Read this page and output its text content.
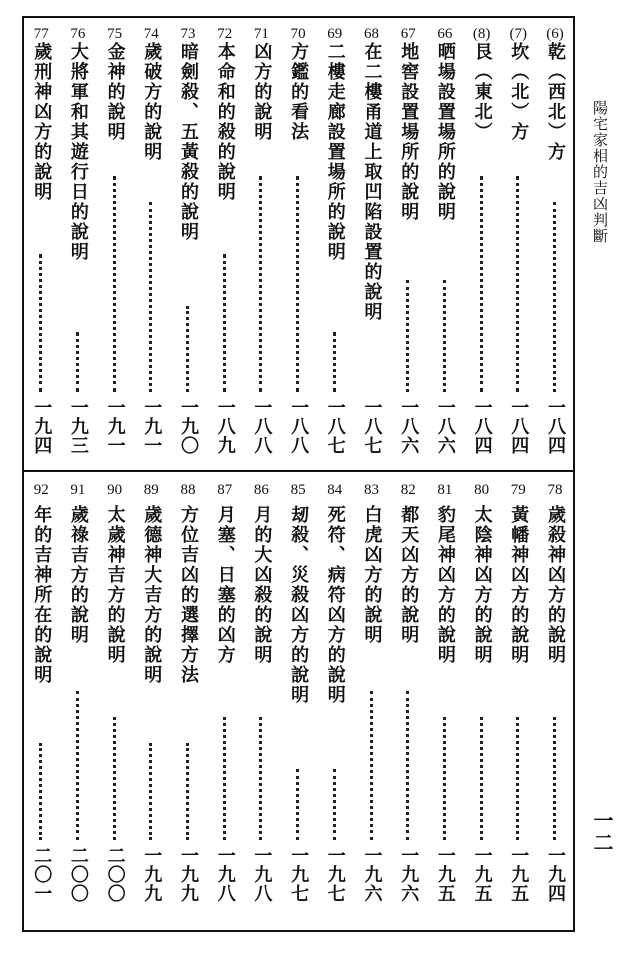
陽宅家相的吉凶判斷
一二
(6)
乾（西北）方
一八四
(7)
坎（北）方
一八四
(8)
艮（東北）
一八四
66
晒場設置場所的說明
一八六
67
地窖設置場所的說明
一八六
68
在二樓甬道上取凹陷設置的說明
一八七
69
二樓走廊設置場所的說明
一八七
70
方鑑的看法
一八八
71
凶方的說明
一八八
72
本命和的殺的說明
一八九
73
暗劍殺、五黃殺的說明
一九〇
74
歲破方的說明
一九一
75
金神的說明
一九一
76
大將軍和其遊行日的說明
一九三
77
歲刑神凶方的說明
一九四
78
歲殺神凶方的說明
一九四
79
黃幡神凶方的說明
一九五
80
太陰神凶方的說明
一九五
81
豹尾神凶方的說明
一九五
82
都天凶方的說明
一九六
83
白虎凶方的說明
一九六
84
死符、病符凶方的說明
一九七
85
刼殺、災殺凶方的說明
一九七
86
月的大凶殺的說明
一九八
87
月塞、日塞的凶方
一九八
88
方位吉凶的選擇方法
一九九
89
歲德神大吉方的說明
一九九
90
太歲神吉方的說明
二〇〇
91
歲祿吉方的說明
二〇〇
92
年的吉神所在的說明
二〇一
